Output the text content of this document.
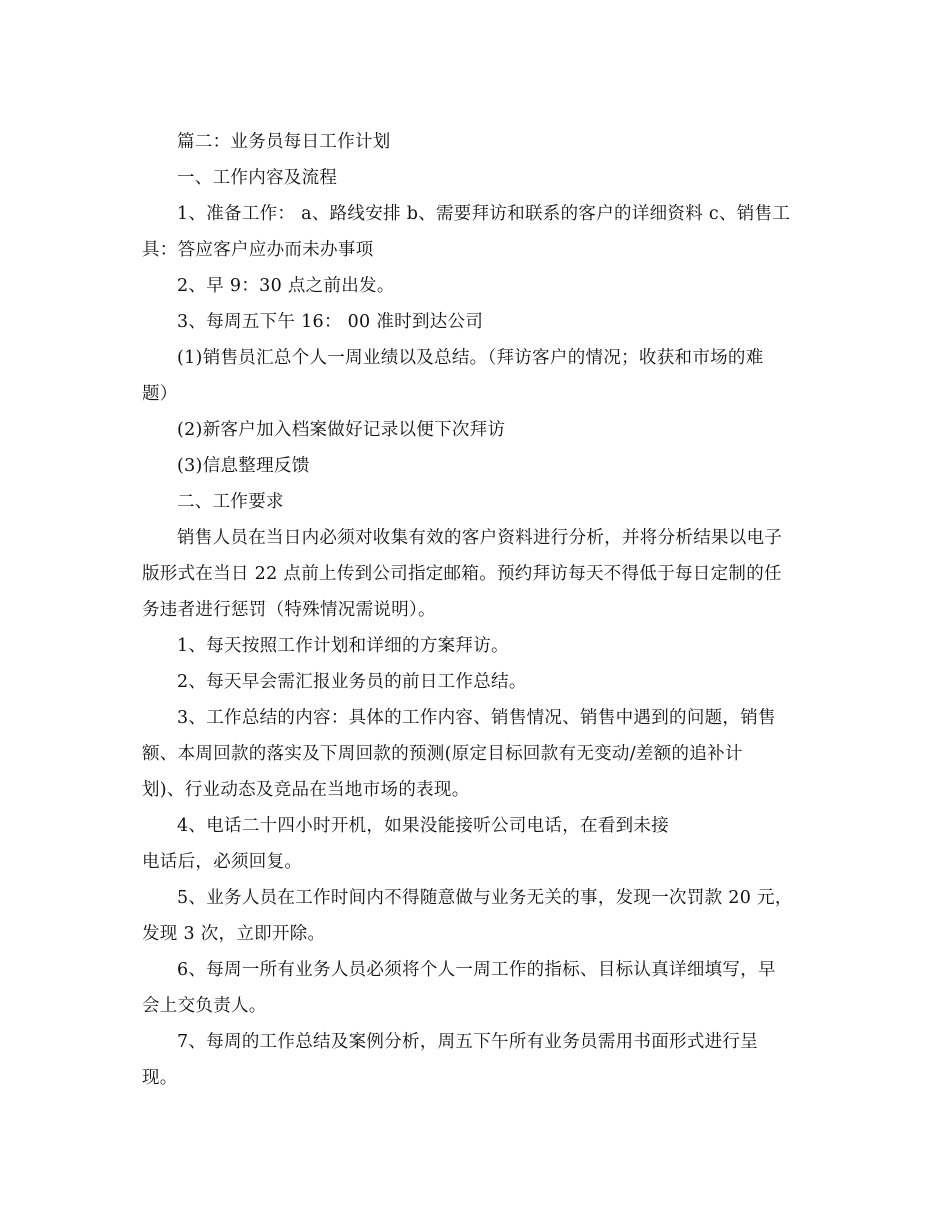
篇二：业务员每日工作计划

一、工作内容及流程

1、准备工作： a、路线安排 b、需要拜访和联系的客户的详细资料 c、销售工
具：答应客户应办而未办事项

2、早 9：30 点之前出发。

3、每周五下午 16： 00 准时到达公司

(1)销售员汇总个人一周业绩以及总结。（拜访客户的情况；收获和市场的难
题）

(2)新客户加入档案做好记录以便下次拜访

(3)信息整理反馈

二、工作要求

销售人员在当日内必须对收集有效的客户资料进行分析，并将分析结果以电子
版形式在当日 22 点前上传到公司指定邮箱。预约拜访每天不得低于每日定制的任
务违者进行惩罚（特殊情况需说明）。

1、每天按照工作计划和详细的方案拜访。

2、每天早会需汇报业务员的前日工作总结。

3、工作总结的内容：具体的工作内容、销售情况、销售中遇到的问题，销售
额、本周回款的落实及下周回款的预测(原定目标回款有无变动/差额的追补计
划)、行业动态及竞品在当地市场的表现。

4、电话二十四小时开机，如果没能接听公司电话，在看到未接
电话后，必须回复。

5、业务人员在工作时间内不得随意做与业务无关的事，发现一次罚款 20 元，
发现 3 次，立即开除。

6、每周一所有业务人员必须将个人一周工作的指标、目标认真详细填写，早
会上交负责人。

7、每周的工作总结及案例分析，周五下午所有业务员需用书面形式进行呈
现。
